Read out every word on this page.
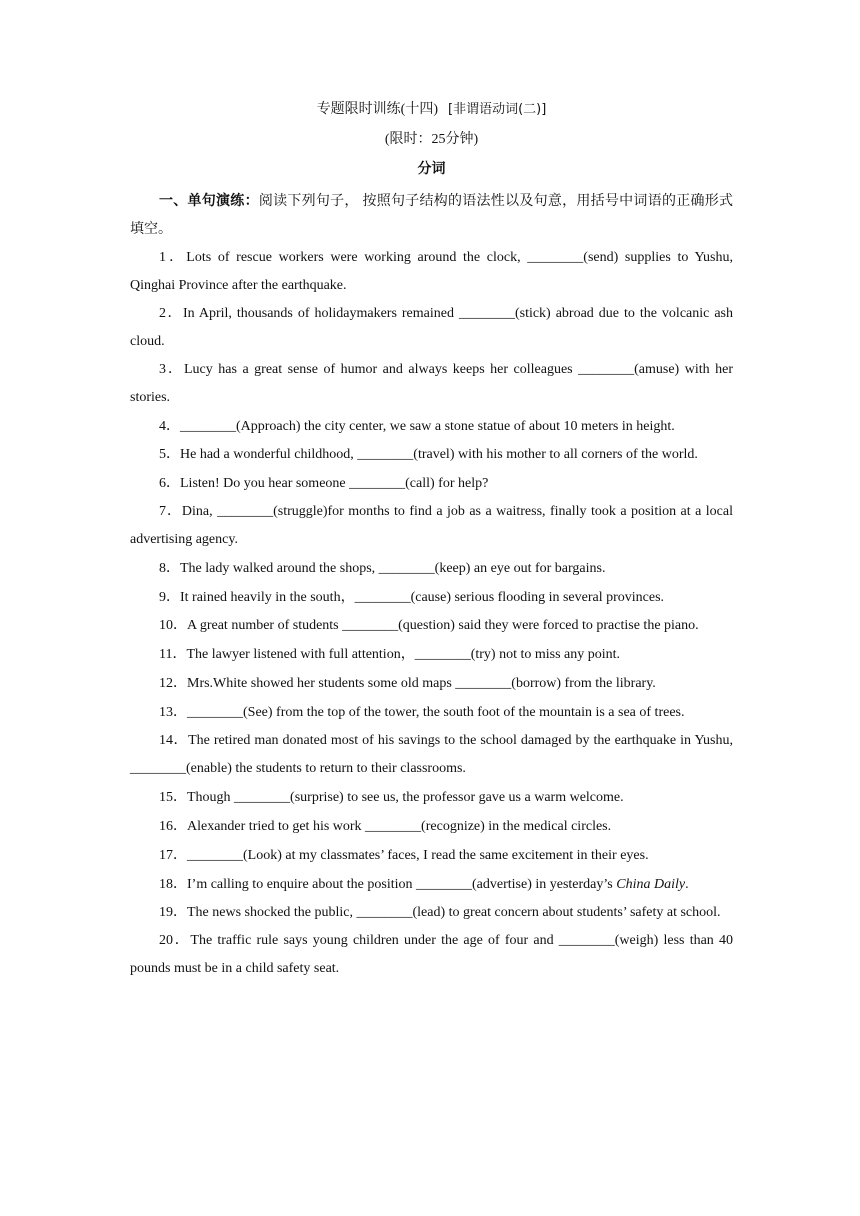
专题限时训练(十四) [非谓语动词(二)]
(限时：25分钟)
分词

一、单句演练：阅读下列句子， 按照句子结构的语法性以及句意，用括号中词语的正确形式填空。

1．Lots of rescue workers were working around the clock, ________(send) supplies to Yushu, Qinghai Province after the earthquake.

2．In April, thousands of holidaymakers remained ________(stick) abroad due to the volcanic ash cloud.

3．Lucy has a great sense of humor and always keeps her colleagues ________(amuse) with her stories.

4．________(Approach) the city center, we saw a stone statue of about 10 meters in height.

5．He had a wonderful childhood, ________(travel) with his mother to all corners of the world.

6．Listen! Do you hear someone ________(call) for help?

7．Dina, ________(struggle)for months to find a job as a waitress, finally took a position at a local advertising agency.

8．The lady walked around the shops, ________(keep) an eye out for bargains.

9．It rained heavily in the south，________(cause) serious flooding in several provinces.

10．A great number of students ________(question) said they were forced to practise the piano.

11．The lawyer listened with full attention，________(try) not to miss any point.

12．Mrs.White showed her students some old maps ________(borrow) from the library.

13．________(See) from the top of the tower, the south foot of the mountain is a sea of trees.

14．The retired man donated most of his savings to the school damaged by the earthquake in Yushu, ________(enable) the students to return to their classrooms.

15．Though ________(surprise) to see us, the professor gave us a warm welcome.

16．Alexander tried to get his work ________(recognize) in the medical circles.

17．________(Look) at my classmates’ faces, I read the same excitement in their eyes.

18．I’m calling to enquire about the position ________(advertise) in yesterday’s China Daily.

19．The news shocked the public, ________(lead) to great concern about students’ safety at school.

20．The traffic rule says young children under the age of four and ________(weigh) less than 40 pounds must be in a child safety seat.
